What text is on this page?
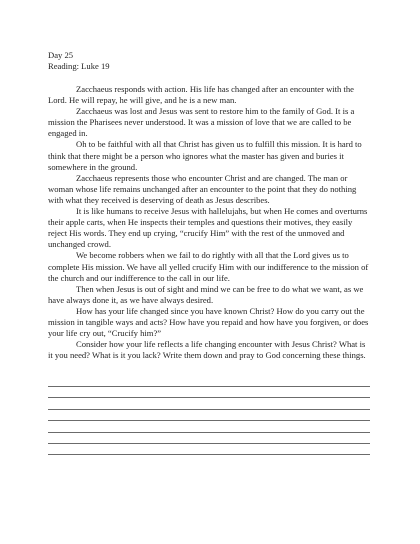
Day 25
Reading: Luke 19

Zacchaeus responds with action. His life has changed after an encounter with the Lord. He will repay, he will give, and he is a new man.

Zacchaeus was lost and Jesus was sent to restore him to the family of God. It is a mission the Pharisees never understood. It was a mission of love that we are called to be engaged in.

Oh to be faithful with all that Christ has given us to fulfill this mission. It is hard to think that there might be a person who ignores what the master has given and buries it somewhere in the ground.

Zacchaeus represents those who encounter Christ and are changed. The man or woman whose life remains unchanged after an encounter to the point that they do nothing with what they received is deserving of death as Jesus describes.

It is like humans to receive Jesus with hallelujahs, but when He comes and overturns their apple carts, when He inspects their temples and questions their motives, they easily reject His words. They end up crying, “crucify Him” with the rest of the unmoved and unchanged crowd.

We become robbers when we fail to do rightly with all that the Lord gives us to complete His mission. We have all yelled crucify Him with our indifference to the mission of the church and our indifference to the call in our life.

Then when Jesus is out of sight and mind we can be free to do what we want, as we have always done it, as we have always desired.

How has your life changed since you have known Christ? How do you carry out the mission in tangible ways and acts? How have you repaid and how have you forgiven, or does your life cry out, “Crucify him?”

Consider how your life reflects a life changing encounter with Jesus Christ? What is it you need? What is it you lack? Write them down and pray to God concerning these things.
